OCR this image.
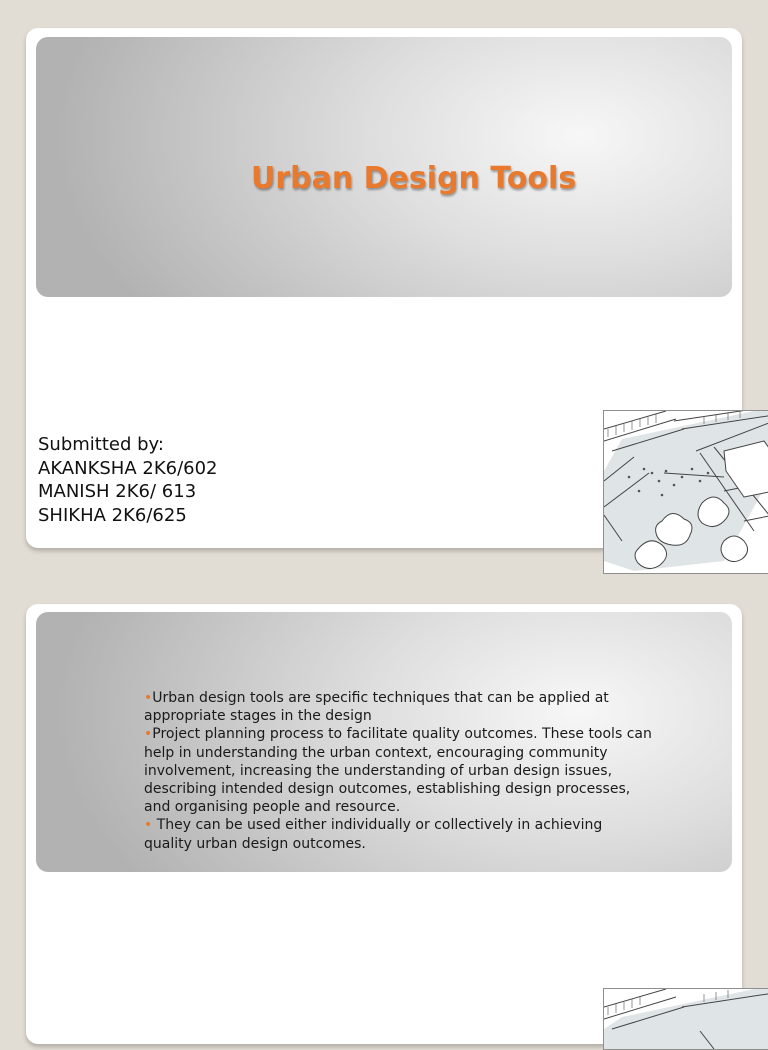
Urban Design Tools
Submitted by:
AKANKSHA 2K6/602
MANISH 2K6/ 613
SHIKHA 2K6/625

•Urban design tools are specific techniques that can be applied at appropriate stages in the design

•Project planning process to facilitate quality outcomes. These tools can help in understanding the urban context, encouraging community involvement, increasing the understanding of urban design issues, describing intended design outcomes, establishing design processes, and organising people and resource.

• They can be used either individually or collectively in achieving quality urban design outcomes.
